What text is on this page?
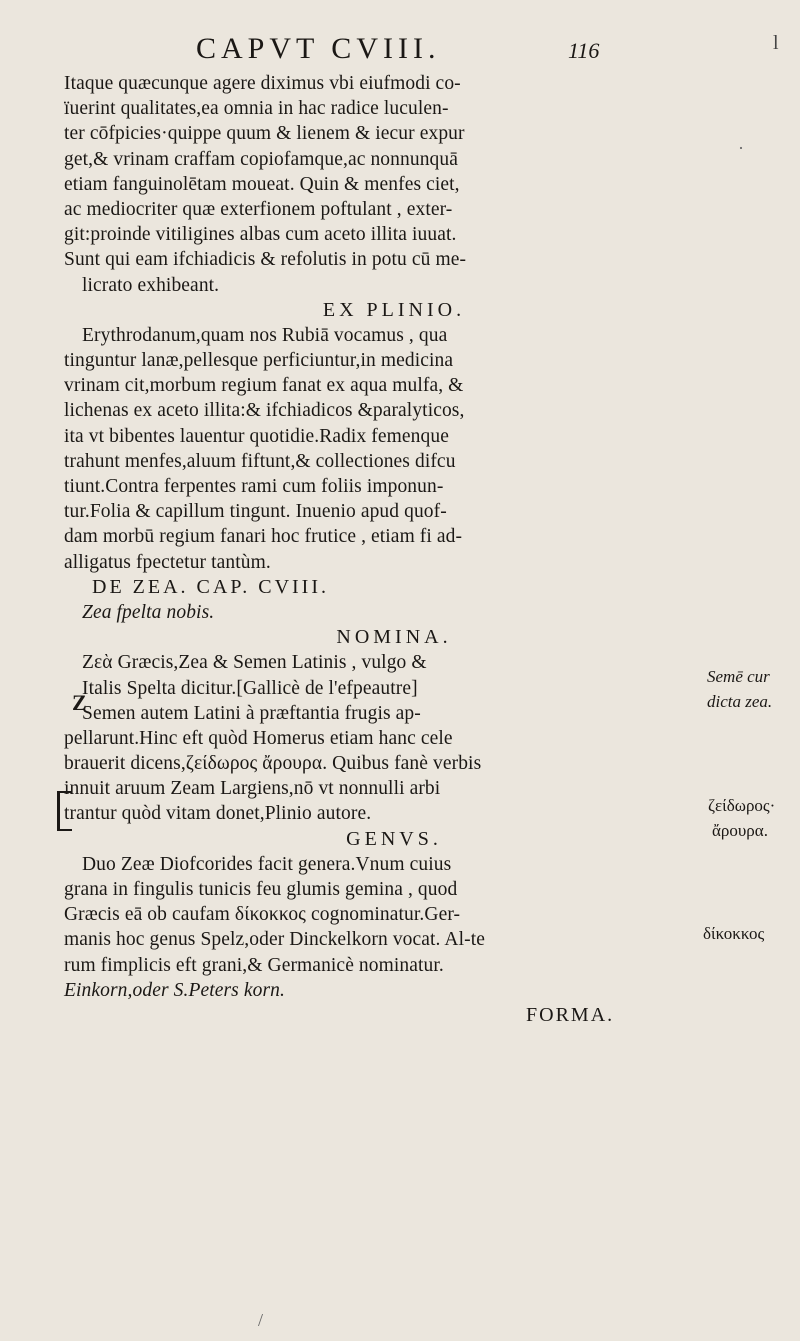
CAPVT CVIII.	116	l
Itaque quæcunque agere diximus vbi eiufmodi co-
ïuerint qualitates,ea omnia in hac radice luculen-
ter cōfpicies·quippe quum & lienem & iecur expur
get,& vrinam craffam copiofamque,ac nonnunquā
etiam fanguinolētam moueat. Quin & menfes ciet,
ac mediocriter quæ exterfionem poftulant , exter-
git:proinde vitiligines albas cum aceto illita iuuat.
Sunt qui eam ifchiadicis & refolutis in potu cū me-
licrato exhibeant.
EX PLINIO.
Erythrodanum,quam nos Rubiā vocamus , qua
tinguntur lanæ,pellesque perficiuntur,in medicina
vrinam cit,morbum regium fanat ex aqua mulfa, &
lichenas ex aceto illita:& ifchiadicos &paralyticos,
ita vt bibentes lauentur quotidie.Radix femenque
trahunt menfes,aluum fiftunt,& collectiones difcu
tiunt.Contra ferpentes rami cum foliis imponun-
tur.Folia & capillum tingunt. Inuenio apud quof-
dam morbū regium fanari hoc frutice , etiam fi ad-
alligatus fpectetur tantùm.
DE ZEA. CAP. CVIII.
Zea fpelta nobis.
NOMINA.
Ζεὰ Græcis,Zea & Semen Latinis , vulgo &
Italis Spelta dicitur.[Gallicè de l'efpeautre]
Semen autem Latini à præftantia frugis ap-
pellarunt.Hinc eft quòd Homerus etiam hanc cele
brauerit dicens,ζείδωρος ἄρουρα. Quibus fanè verbis
innuit aruum Zeam Largiens,nō vt nonnulli arbi
trantur quòd vitam donet,Plinio autore.
GENVS.
Duo Zeæ Diofcorides facit genera.Vnum cuius
grana in fingulis tunicis feu glumis gemina , quod
Græcis eā ob caufam δίκοκκος cognominatur.Ger-
manis hoc genus Spelz,oder Dinckelkorn vocat. Al-te
rum fimplicis eft grani,& Germanicè nominatur.
Einkorn,oder S.Peters korn.
FORMA.
Z
Semē cur
dicta zea.
ζείδωρος·
ἄρουρα.
δίκοκκος
·
/
